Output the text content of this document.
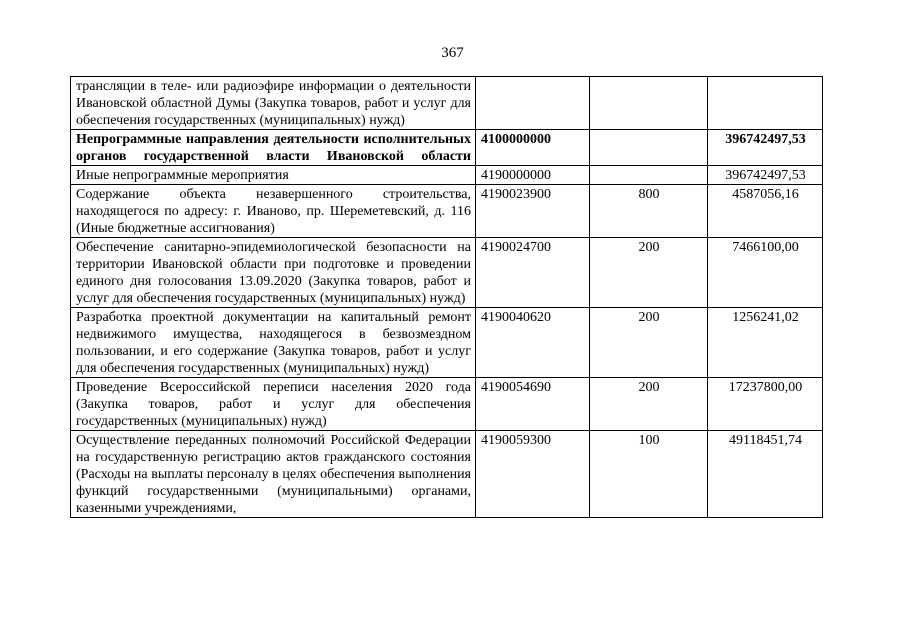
367
трансляции в теле- или радиоэфире информации о деятельности Ивановской областной Думы (Закупка товаров, работ и услуг для обеспечения государственных (муниципальных) нужд)			
Непрограммные направления деятельности исполнительных органов государственной власти Ивановской области	4100000000		396742497,53
Иные непрограммные мероприятия	4190000000		396742497,53
Содержание объекта незавершенного строительства, находящегося по адресу: г. Иваново, пр. Шереметевский, д. 116 (Иные бюджетные ассигнования)	4190023900	800	4587056,16
Обеспечение санитарно-эпидемиологической безопасности на территории Ивановской области при подготовке и проведении единого дня голосования 13.09.2020 (Закупка товаров, работ и услуг для обеспечения государственных (муниципальных) нужд)	4190024700	200	7466100,00
Разработка проектной документации на капитальный ремонт недвижимого имущества, находящегося в безвозмездном пользовании, и его содержание (Закупка товаров, работ и услуг для обеспечения государственных (муниципальных) нужд)	4190040620	200	1256241,02
Проведение Всероссийской переписи населения 2020 года (Закупка товаров, работ и услуг для обеспечения государственных (муниципальных) нужд)	4190054690	200	17237800,00
Осуществление переданных полномочий Российской Федерации на государственную регистрацию актов гражданского состояния (Расходы на выплаты персоналу в целях обеспечения выполнения функций государственными (муниципальными) органами, казенными учреждениями,	4190059300	100	49118451,74
